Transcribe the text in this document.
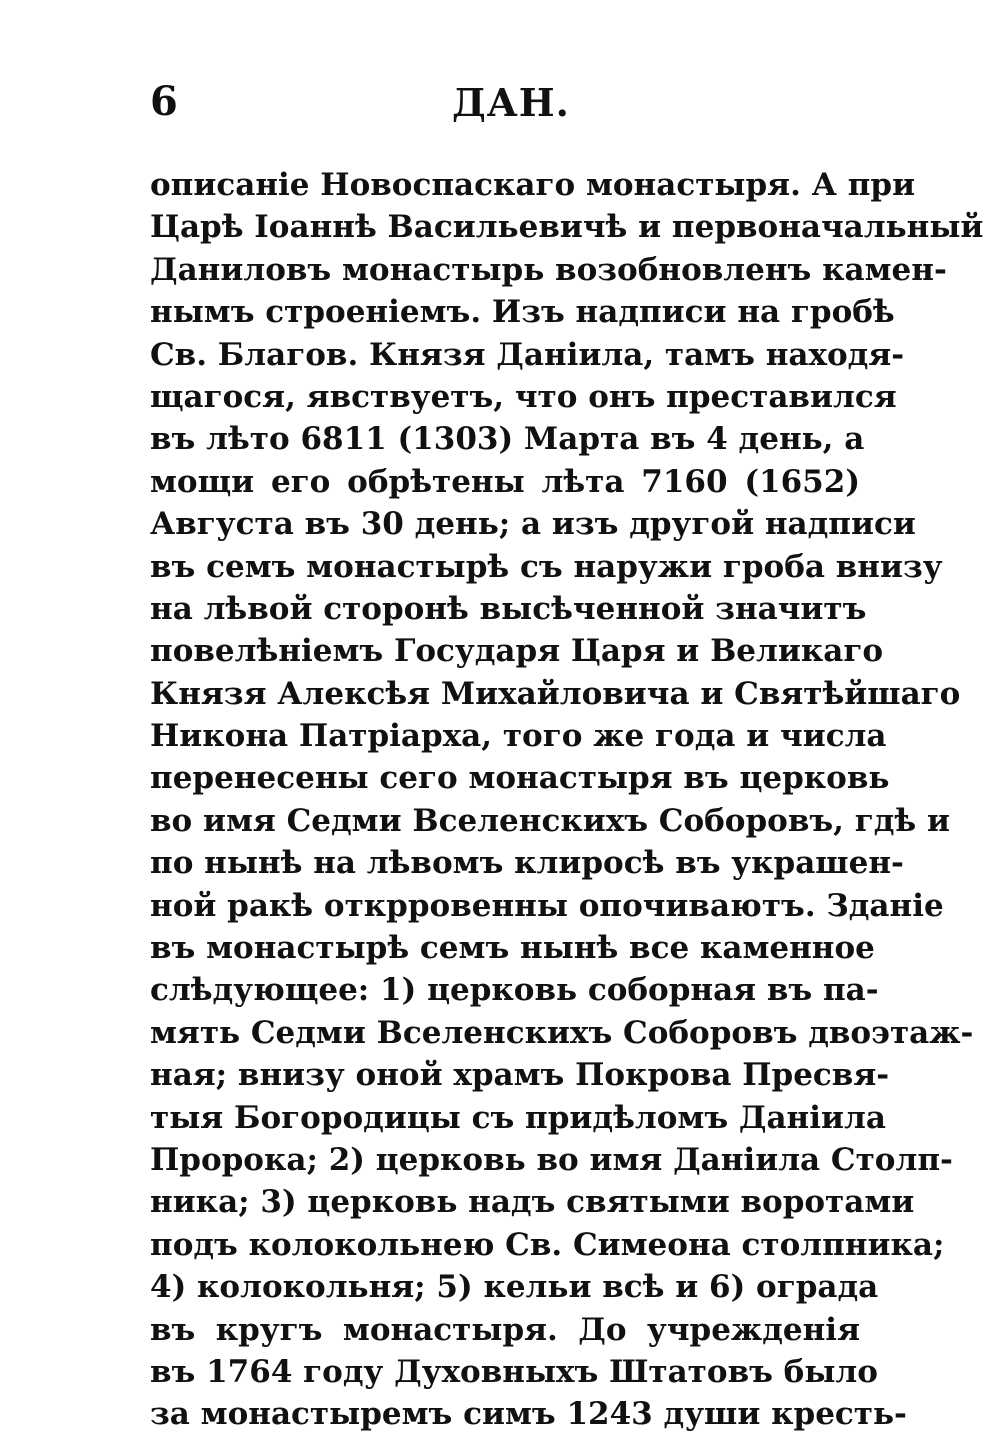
6	ДАН.
описаніе Новоспаскаго монастыря. А при
Царѣ Іоаннѣ Васильевичѣ и первоначальный
Даниловъ монастырь возобновленъ камен-
нымъ строеніемъ. Изъ надписи на гробѣ
Св. Благов. Князя Даніила, тамъ находя-
щагося, явствуетъ, что онъ преставился
въ лѣто 6811 (1303) Марта въ 4 день, а
мощи его обрѣтены лѣта 7160 (1652)
Августа въ 30 день; а изъ другой надписи
въ семъ монастырѣ съ наружи гроба внизу
на лѣвой сторонѣ высѣченной значитъ
повелѣніемъ Государя Царя и Великаго
Князя Алексѣя Михайловича и Святѣйшаго
Никона Патріарха, того же года и числа
перенесены сего монастыря въ церковь
во имя Седми Вселенскихъ Соборовъ, гдѣ и
по нынѣ на лѣвомъ клиросѣ въ украшен-
ной ракѣ открровенны опочиваютъ. Зданіе
въ монастырѣ семъ нынѣ все каменное
слѣдующее: 1) церковь соборная въ па-
мять Седми Вселенскихъ Соборовъ двоэтаж-
ная; внизу оной храмъ Покрова Пресвя-
тыя Богородицы съ придѣломъ Даніила
Пророка; 2) церковь во имя Даніила Столп-
ника; 3) церковь надъ святыми воротами
подъ колокольнею Св. Симеона столпника;
4) колокольня; 5) кельи всѣ и 6) ограда
въ кругъ монастыря. До учрежденія
въ 1764 году Духовныхъ Штатовъ было
за монастыремъ симъ 1243 души кресть-
